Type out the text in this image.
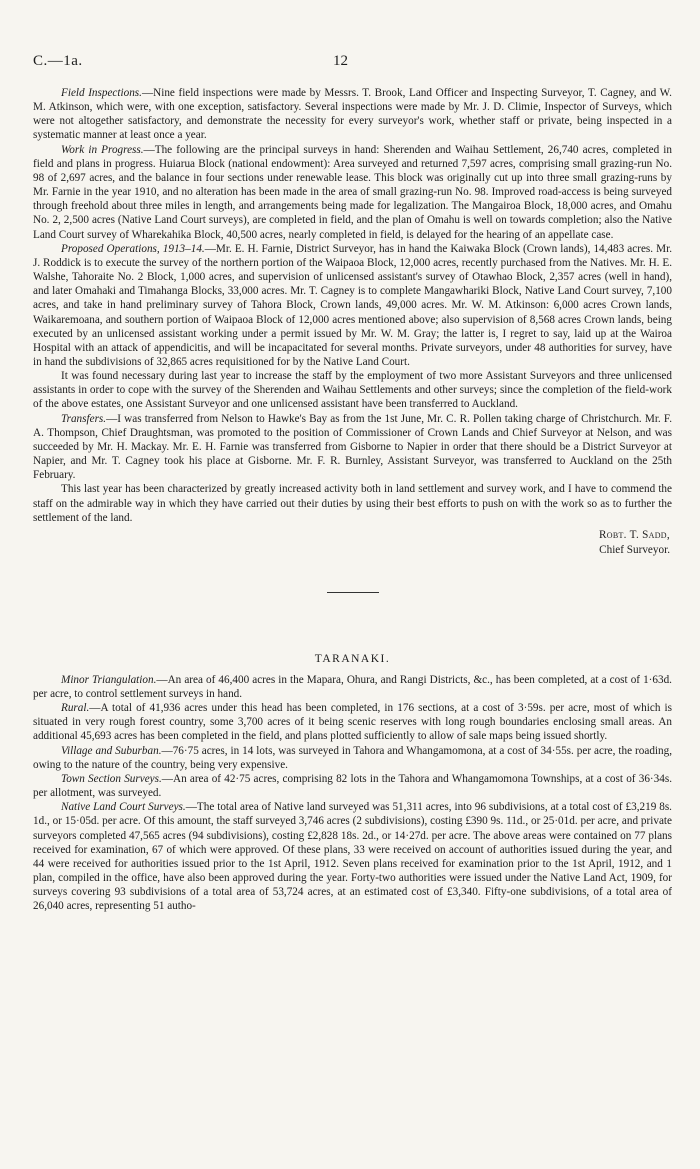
C.—1a.	12

Field Inspections.—Nine field inspections were made by Messrs. T. Brook, Land Officer and Inspecting Surveyor, T. Cagney, and W. M. Atkinson, which were, with one exception, satisfactory. Several inspections were made by Mr. J. D. Climie, Inspector of Surveys, which were not altogether satisfactory, and demonstrate the necessity for every surveyor's work, whether staff or private, being inspected in a systematic manner at least once a year.

Work in Progress.—The following are the principal surveys in hand: Sherenden and Waihau Settlement, 26,740 acres, completed in field and plans in progress. Huiarua Block (national endowment): Area surveyed and returned 7,597 acres, comprising small grazing-run No. 98 of 2,697 acres, and the balance in four sections under renewable lease. This block was originally cut up into three small grazing-runs by Mr. Farnie in the year 1910, and no alteration has been made in the area of small grazing-run No. 98. Improved road-access is being surveyed through freehold about three miles in length, and arrangements being made for legalization. The Mangairoa Block, 18,000 acres, and Omahu No. 2, 2,500 acres (Native Land Court surveys), are completed in field, and the plan of Omahu is well on towards completion; also the Native Land Court survey of Wharekahika Block, 40,500 acres, nearly completed in field, is delayed for the hearing of an appellate case.

Proposed Operations, 1913–14.—Mr. E. H. Farnie, District Surveyor, has in hand the Kaiwaka Block (Crown lands), 14,483 acres. Mr. J. Roddick is to execute the survey of the northern portion of the Waipaoa Block, 12,000 acres, recently purchased from the Natives. Mr. H. E. Walshe, Tahoraite No. 2 Block, 1,000 acres, and supervision of unlicensed assistant's survey of Otawhao Block, 2,357 acres (well in hand), and later Omahaki and Timahanga Blocks, 33,000 acres. Mr. T. Cagney is to complete Mangawhariki Block, Native Land Court survey, 7,100 acres, and take in hand preliminary survey of Tahora Block, Crown lands, 49,000 acres. Mr. W. M. Atkinson: 6,000 acres Crown lands, Waikaremoana, and southern portion of Waipaoa Block of 12,000 acres mentioned above; also supervision of 8,568 acres Crown lands, being executed by an unlicensed assistant working under a permit issued by Mr. W. M. Gray; the latter is, I regret to say, laid up at the Wairoa Hospital with an attack of appendicitis, and will be incapacitated for several months. Private surveyors, under 48 authorities for survey, have in hand the subdivisions of 32,865 acres requisitioned for by the Native Land Court.

It was found necessary during last year to increase the staff by the employment of two more Assistant Surveyors and three unlicensed assistants in order to cope with the survey of the Sherenden and Waihau Settlements and other surveys; since the completion of the field-work of the above estates, one Assistant Surveyor and one unlicensed assistant have been transferred to Auckland.

Transfers.—I was transferred from Nelson to Hawke's Bay as from the 1st June, Mr. C. R. Pollen taking charge of Christchurch. Mr. F. A. Thompson, Chief Draughtsman, was promoted to the position of Commissioner of Crown Lands and Chief Surveyor at Nelson, and was succeeded by Mr. H. Mackay. Mr. E. H. Farnie was transferred from Gisborne to Napier in order that there should be a District Surveyor at Napier, and Mr. T. Cagney took his place at Gisborne. Mr. F. R. Burnley, Assistant Surveyor, was transferred to Auckland on the 25th February.

This last year has been characterized by greatly increased activity both in land settlement and survey work, and I have to commend the staff on the admirable way in which they have carried out their duties by using their best efforts to push on with the work so as to further the settlement of the land.

Robt. T. Sadd,
Chief Surveyor.
TARANAKI.

Minor Triangulation.—An area of 46,400 acres in the Mapara, Ohura, and Rangi Districts, &c., has been completed, at a cost of 1·63d. per acre, to control settlement surveys in hand.

Rural.—A total of 41,936 acres under this head has been completed, in 176 sections, at a cost of 3·59s. per acre, most of which is situated in very rough forest country, some 3,700 acres of it being scenic reserves with long rough boundaries enclosing small areas. An additional 45,693 acres has been completed in the field, and plans plotted sufficiently to allow of sale maps being issued shortly.

Village and Suburban.—76·75 acres, in 14 lots, was surveyed in Tahora and Whangamomona, at a cost of 34·55s. per acre, the roading, owing to the nature of the country, being very expensive.

Town Section Surveys.—An area of 42·75 acres, comprising 82 lots in the Tahora and Whangamomona Townships, at a cost of 36·34s. per allotment, was surveyed.

Native Land Court Surveys.—The total area of Native land surveyed was 51,311 acres, into 96 subdivisions, at a total cost of £3,219 8s. 1d., or 15·05d. per acre. Of this amount, the staff surveyed 3,746 acres (2 subdivisions), costing £390 9s. 11d., or 25·01d. per acre, and private surveyors completed 47,565 acres (94 subdivisions), costing £2,828 18s. 2d., or 14·27d. per acre. The above areas were contained on 77 plans received for examination, 67 of which were approved. Of these plans, 33 were received on account of authorities issued during the year, and 44 were received for authorities issued prior to the 1st April, 1912. Seven plans received for examination prior to the 1st April, 1912, and 1 plan, compiled in the office, have also been approved during the year. Forty-two authorities were issued under the Native Land Act, 1909, for surveys covering 93 subdivisions of a total area of 53,724 acres, at an estimated cost of £3,340. Fifty-one subdivisions, of a total area of 26,040 acres, representing 51 autho-
